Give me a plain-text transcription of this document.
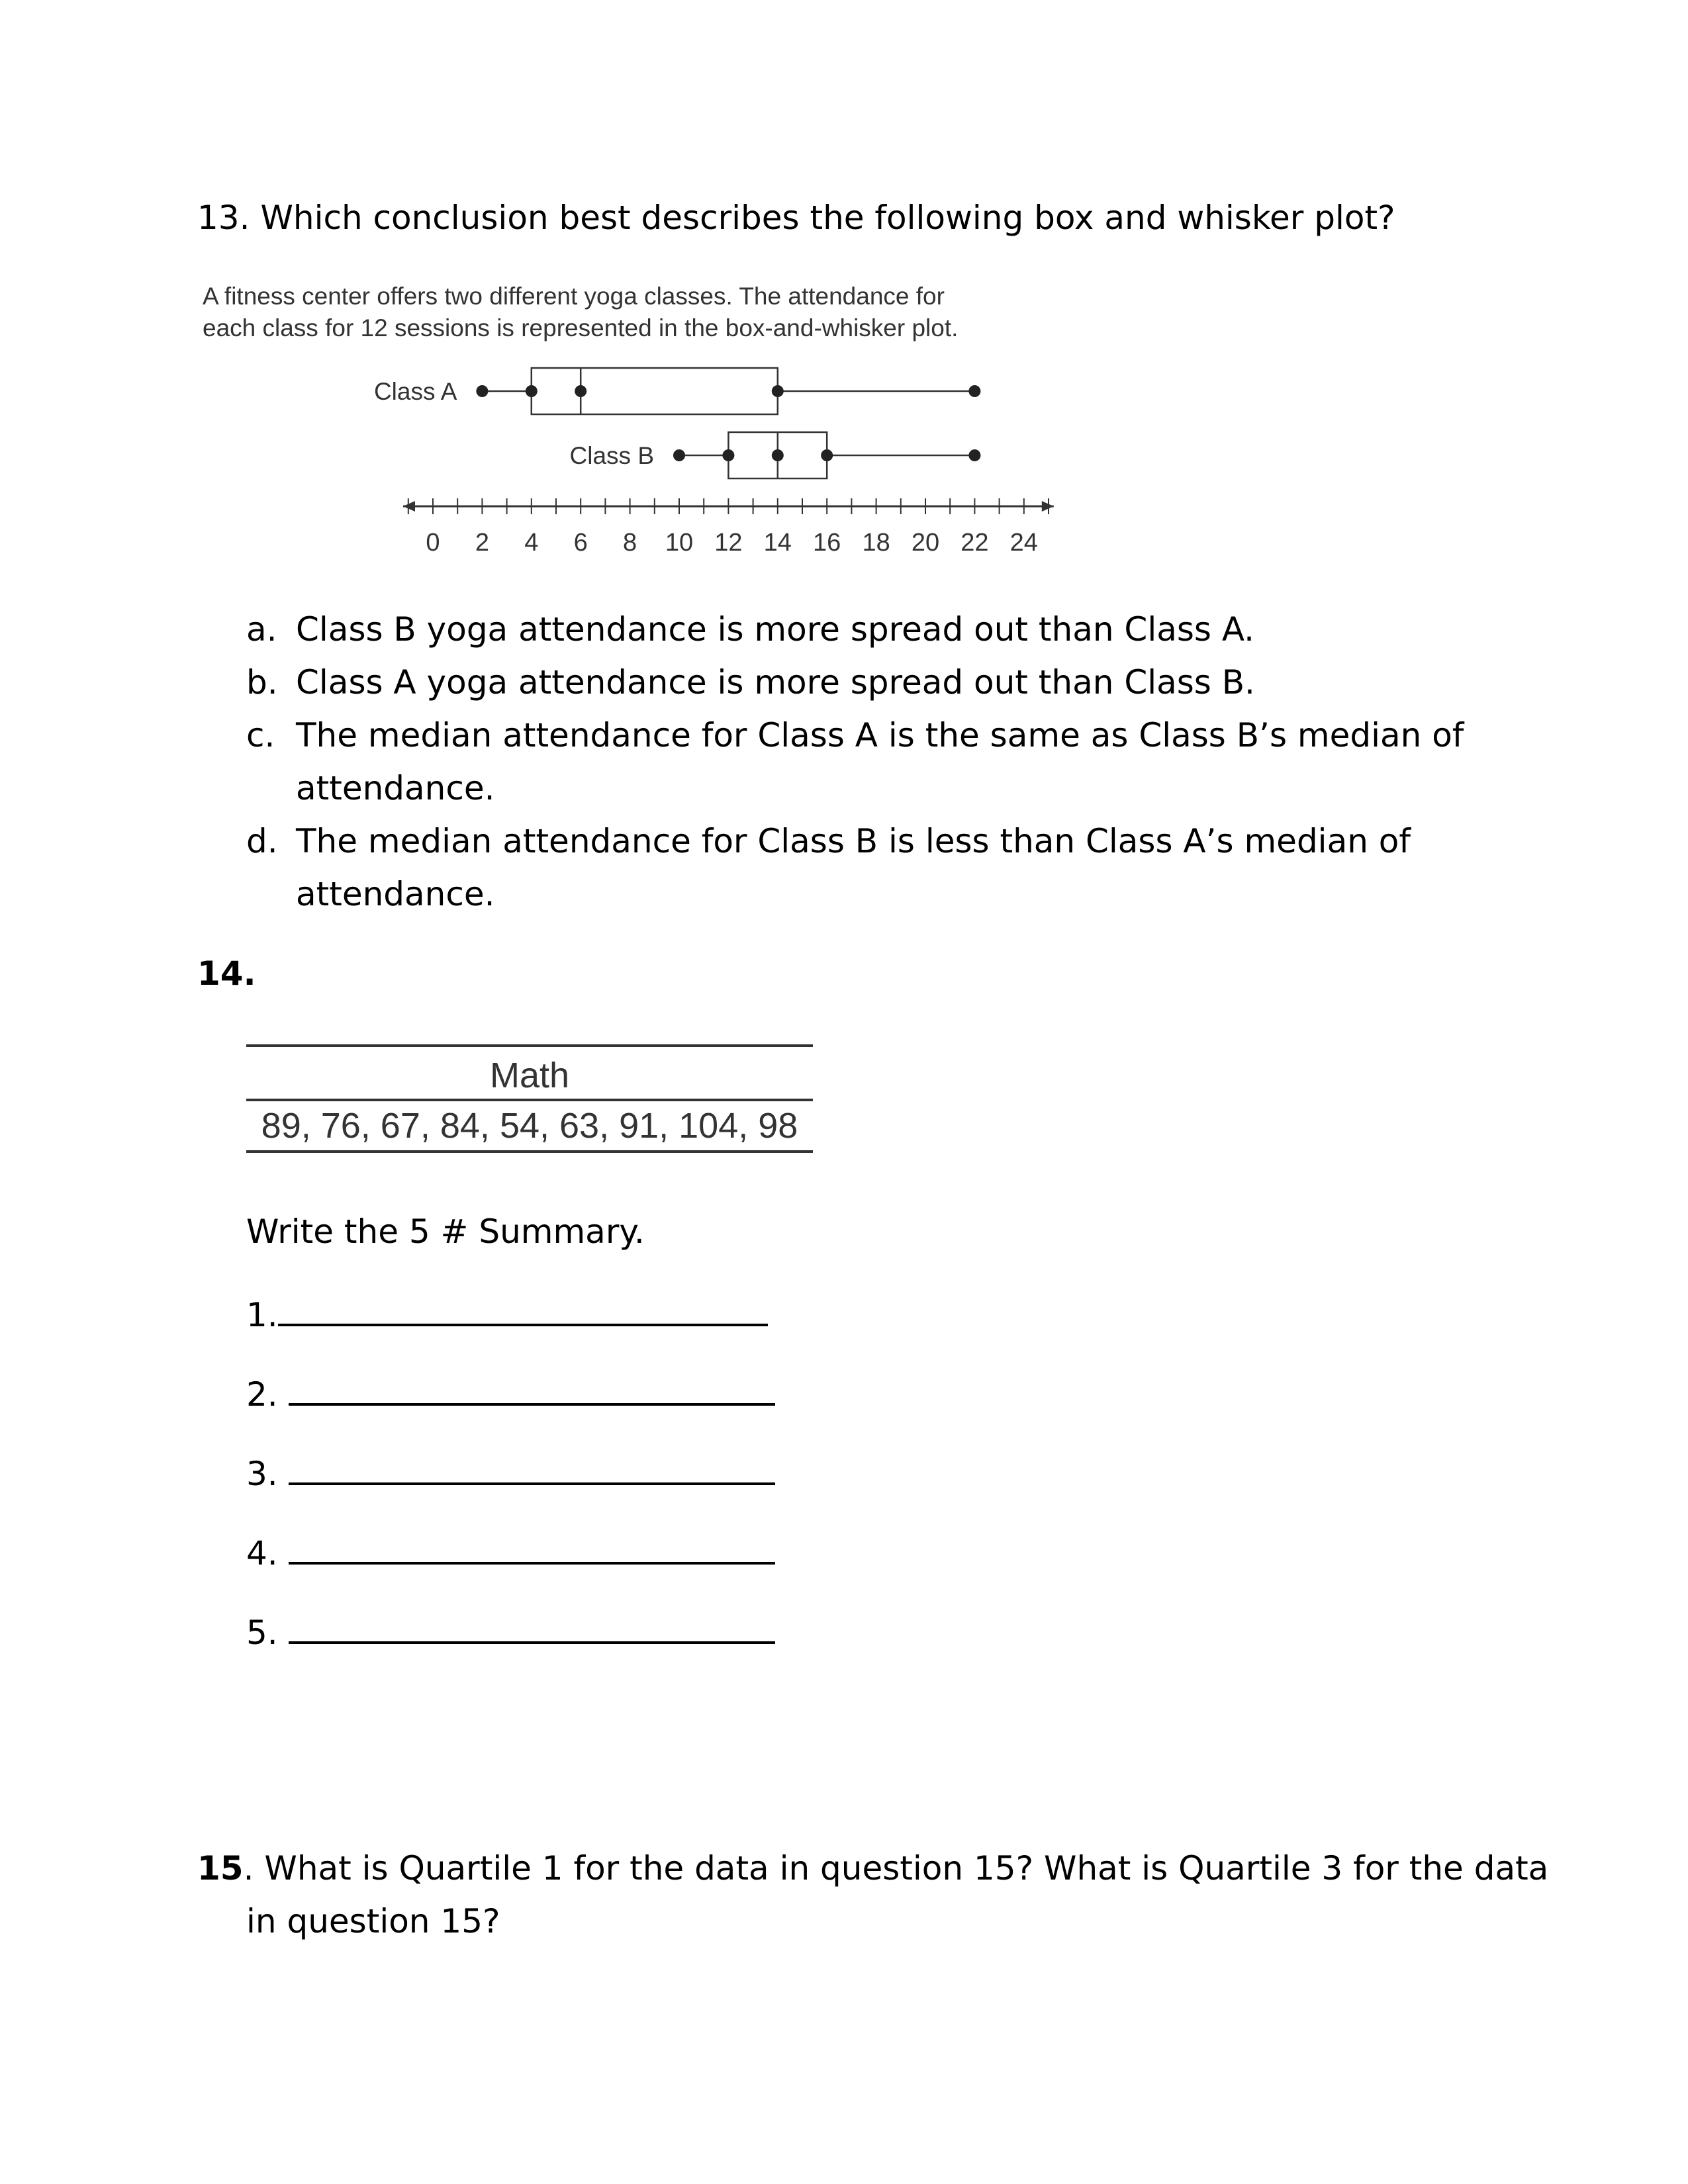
13. Which conclusion best describes the following box and whisker plot?
A fitness center offers two different yoga classes. The attendance for
each class for 12 sessions is represented in the box-and-whisker plot.
0 2 4 6 8 10 12 14 16 18 20 22 24
Class A
Class B
a. Class B yoga attendance is more spread out than Class A.
b. Class A yoga attendance is more spread out than Class B.
c. The median attendance for Class A is the same as Class B’s median of
attendance.
d. The median attendance for Class B is less than Class A’s median of
attendance.
14.
Math
89, 76, 67, 84, 54, 63, 91, 104, 98
Write the 5 # Summary.
1.
2.
3.
4.
5.
15. What is Quartile 1 for the data in question 15? What is Quartile 3 for the data
in question 15?
